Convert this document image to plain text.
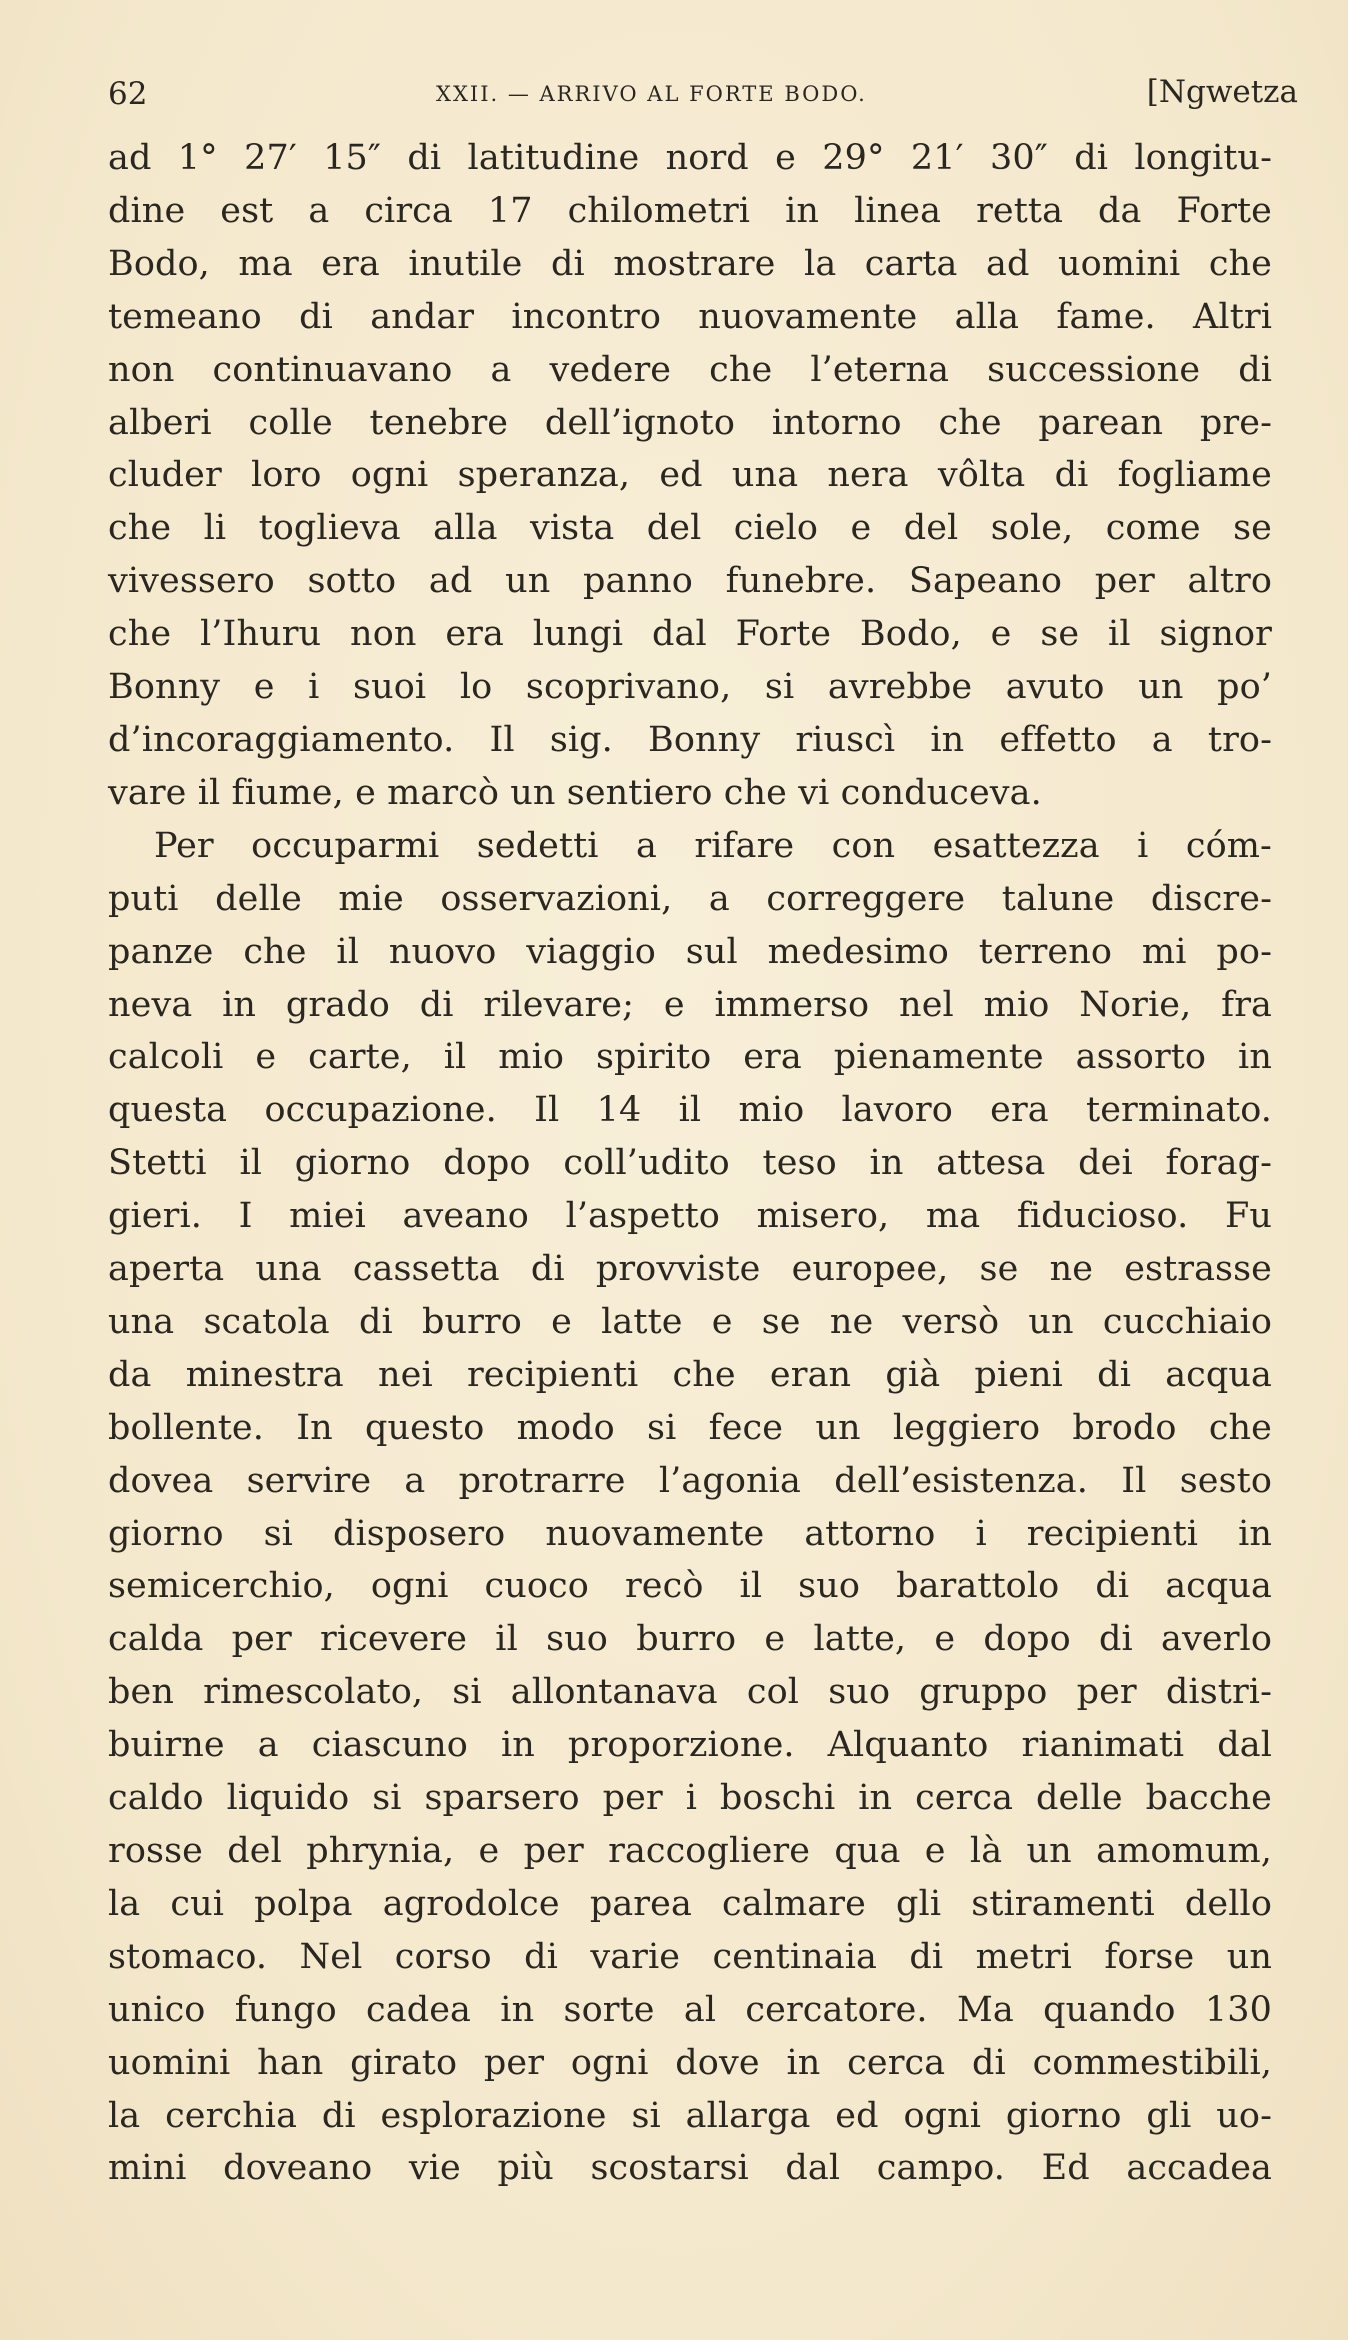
62	XXII. — ARRIVO AL FORTE BODO.	[Ngwetza
ad 1° 27′ 15″ di latitudine nord e 29° 21′ 30″ di longitu-
dine est a circa 17 chilometri in linea retta da Forte
Bodo, ma era inutile di mostrare la carta ad uomini che
temeano di andar incontro nuovamente alla fame. Altri
non continuavano a vedere che l’eterna successione di
alberi colle tenebre dell’ignoto intorno che parean pre-
cluder loro ogni speranza, ed una nera vôlta di fogliame
che li toglieva alla vista del cielo e del sole, come se
vivessero sotto ad un panno funebre. Sapeano per altro
che l’Ihuru non era lungi dal Forte Bodo, e se il signor
Bonny e i suoi lo scoprivano, si avrebbe avuto un po’
d’incoraggiamento. Il sig. Bonny riuscì in effetto a tro-
vare il fiume, e marcò un sentiero che vi conduceva.
Per occuparmi sedetti a rifare con esattezza i cóm-
puti delle mie osservazioni, a correggere talune discre-
panze che il nuovo viaggio sul medesimo terreno mi po-
neva in grado di rilevare; e immerso nel mio Norie, fra
calcoli e carte, il mio spirito era pienamente assorto in
questa occupazione. Il 14 il mio lavoro era terminato.
Stetti il giorno dopo coll’udito teso in attesa dei forag-
gieri. I miei aveano l’aspetto misero, ma fiducioso. Fu
aperta una cassetta di provviste europee, se ne estrasse
una scatola di burro e latte e se ne versò un cucchiaio
da minestra nei recipienti che eran già pieni di acqua
bollente. In questo modo si fece un leggiero brodo che
dovea servire a protrarre l’agonia dell’esistenza. Il sesto
giorno si disposero nuovamente attorno i recipienti in
semicerchio, ogni cuoco recò il suo barattolo di acqua
calda per ricevere il suo burro e latte, e dopo di averlo
ben rimescolato, si allontanava col suo gruppo per distri-
buirne a ciascuno in proporzione. Alquanto rianimati dal
caldo liquido si sparsero per i boschi in cerca delle bacche
rosse del phrynia, e per raccogliere qua e là un amomum,
la cui polpa agrodolce parea calmare gli stiramenti dello
stomaco. Nel corso di varie centinaia di metri forse un
unico fungo cadea in sorte al cercatore. Ma quando 130
uomini han girato per ogni dove in cerca di commestibili,
la cerchia di esplorazione si allarga ed ogni giorno gli uo-
mini doveano vie più scostarsi dal campo. Ed accadea
